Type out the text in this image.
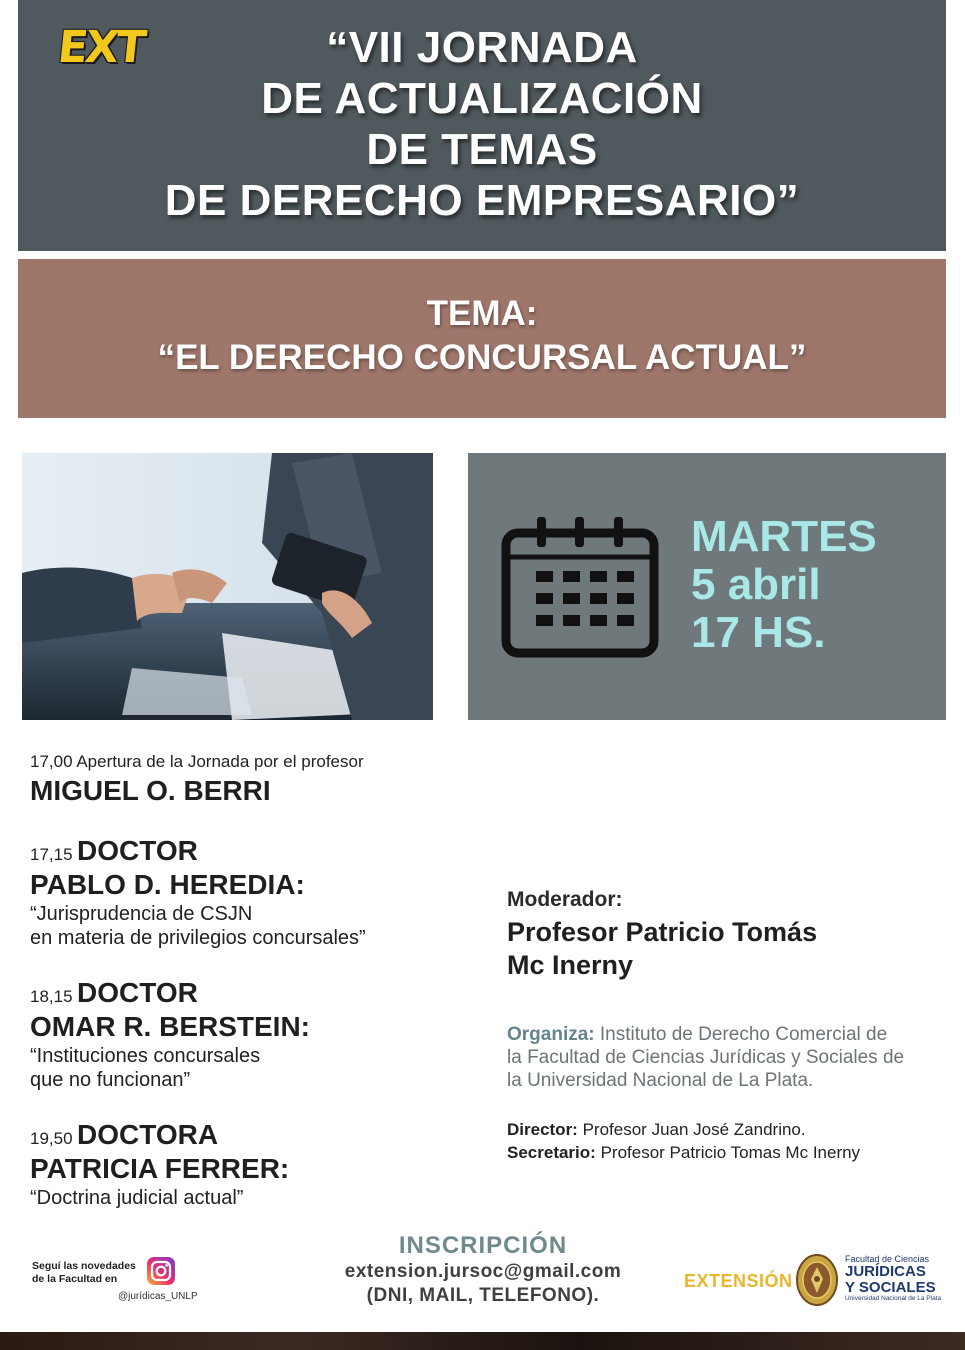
EXT	“VII JORNADA
DE ACTUALIZACIÓN
DE TEMAS
DE DERECHO EMPRESARIO”
TEMA:
“EL DERECHO CONCURSAL ACTUAL”
MARTES
5 abril
17 HS.
17,00 Apertura de la Jornada por el profesor
MIGUEL O. BERRI
17,15 DOCTOR
PABLO D. HEREDIA:
“Jurisprudencia de CSJN
en materia de privilegios concursales”
18,15 DOCTOR
OMAR R. BERSTEIN:
“Instituciones concursales
que no funcionan”
19,50 DOCTORA
PATRICIA FERRER:
“Doctrina judicial actual”
Moderador:
Profesor Patricio Tomás
Mc Inerny
Organiza: Instituto de Derecho Comercial de la Facultad de Ciencias Jurídicas y Sociales de la Universidad Nacional de La Plata.
Director: Profesor Juan José Zandrino.
Secretario: Profesor Patricio Tomas Mc Inerny
Seguí las novedades de la Facultad en
@jurídicas_UNLP
INSCRIPCIÓN
extension.jursoc@gmail.com
(DNI, MAIL, TELEFONO).
EXTENSIÓN
Facultad de Ciencias
JURÍDICAS
Y SOCIALES
Universidad Nacional de La Plata
